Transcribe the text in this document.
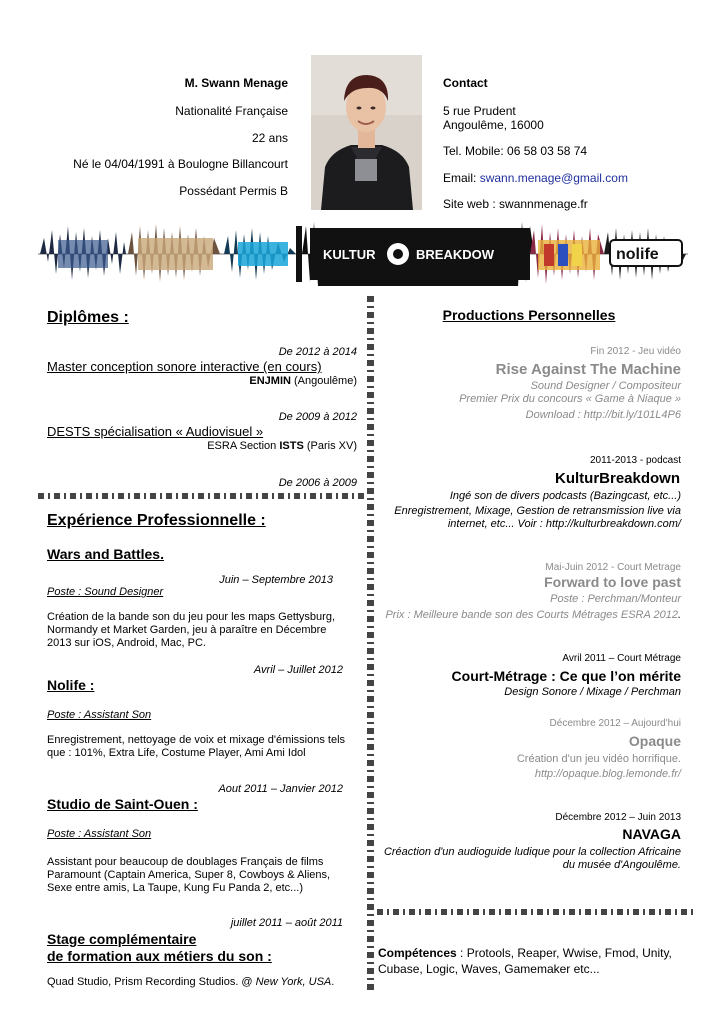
M. Swann Menage
Nationalité Française
22 ans
Né le 04/04/1991 à Boulogne Billancourt
Possédant Permis B
Contact
5 rue Prudent
Angoulême, 16000
Tel. Mobile: 06 58 03 58 74
Email: swann.menage@gmail.com
Site web : swannmenage.fr
KULTUR	BREAKDOW	nolife
Diplômes :
De 2012 à 2014
Master conception sonore interactive (en cours)
ENJMIN (Angoulême)
De 2009 à 2012
DESTS spécialisation « Audiovisuel »
ESRA Section ISTS (Paris XV)
De 2006 à 2009
Expérience Professionnelle :
Wars and Battles.
Juin – Septembre 2013
Poste : Sound Designer
Création de la bande son du jeu pour les maps Gettysburg, Normandy et Market Garden, jeu à paraître en Décembre 2013 sur iOS, Android, Mac, PC.
Avril – Juillet 2012
Nolife :
Poste : Assistant Son
Enregistrement, nettoyage de voix et mixage d'émissions tels que : 101%, Extra Life, Costume Player, Ami Ami Idol
Aout 2011 – Janvier 2012
Studio de Saint-Ouen :
Poste : Assistant Son
Assistant pour beaucoup de doublages Français de films Paramount (Captain America, Super 8, Cowboys & Aliens, Sexe entre amis, La Taupe, Kung Fu Panda 2, etc...)
juillet 2011 – août 2011
Stage complémentaire
de formation aux métiers du son :
Quad Studio, Prism Recording Studios. @ New York, USA.
Productions Personnelles
Fin 2012 - Jeu vidéo
Rise Against The Machine
Sound Designer / Compositeur
Premier Prix du concours « Game à Niaque »
Download : http://bit.ly/101L4P6
2011-2013 - podcast
KulturBreakdown
Ingé son de divers podcasts (Bazingcast, etc...)
Enregistrement, Mixage, Gestion de retransmission live via
internet, etc... Voir : http://kulturbreakdown.com/
Mai-Juin 2012 - Court Metrage
Forward to love past
Poste : Perchman/Monteur
Prix : Meilleure bande son des Courts Métrages ESRA 2012.
Avril 2011 – Court Métrage
Court-Métrage : Ce que l’on mérite
Design Sonore / Mixage / Perchman
Décembre 2012 – Aujourd'hui
Opaque
Création d'un jeu vidéo horrifique.
http://opaque.blog.lemonde.fr/
Décembre 2012 – Juin 2013
NAVAGA
Créaction d'un audioguide ludique pour la collection Africaine
du musée d'Angoulême.
Compétences : Protools, Reaper, Wwise, Fmod, Unity,
Cubase, Logic, Waves, Gamemaker etc...
